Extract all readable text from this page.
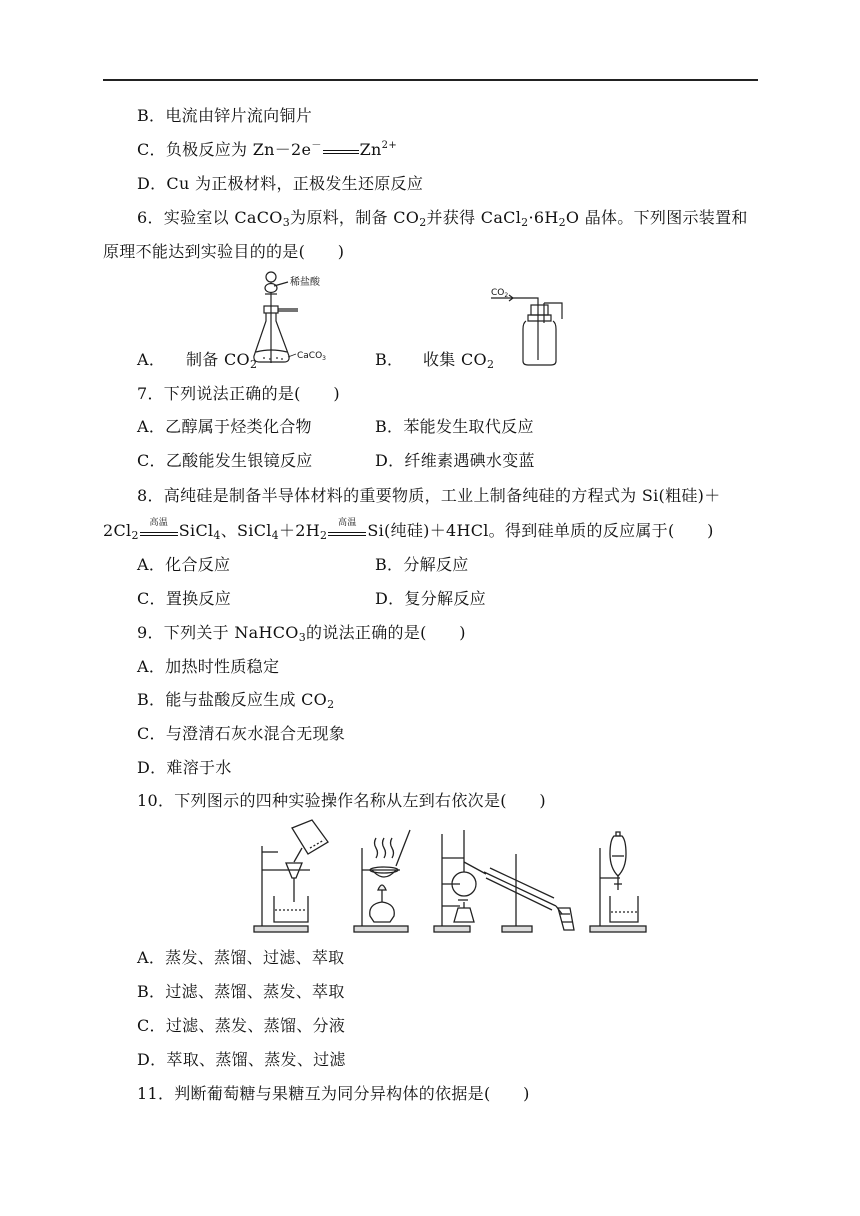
B．电流由锌片流向铜片
C．负极反应为 Zn－2e－ $Zn^{2+}$
D．Cu 为正极材料，正极发生还原反应
6．实验室以 CaCO$_3$为原料，制备 $CO_2$并获得 $CaCl_2\cdot 6H_2O$ 晶体。下列图示装置和
原理不能达到实验目的的是(　　)
A． 制备 $CO_2$	B． 收集 $CO_2$
稀盐酸
CaCO$_3$
$CO_2$
7．下列说法正确的是(　　)
A．乙醇属于烃类化合物	B．苯能发生取代反应
C．乙酸能发生银镜反应	D．纤维素遇碘水变蓝
8．高纯硅是制备半导体材料的重要物质，工业上制备纯硅的方程式为 Si(粗硅)＋
$2Cl_2$
高温 SiCl$_4$、$SiCl_4+2H_2$
高温 Si(纯硅)＋4HCl。得到硅单质的反应属于(　　)
A．化合反应	B．分解反应
C．置换反应	D．复分解反应
9．下列关于 NaHCO$_3$的说法正确的是(　　)
A．加热时性质稳定
B．能与盐酸反应生成 $CO_2$
C．与澄清石灰水混合无现象
D．难溶于水
10．下列图示的四种实验操作名称从左到右依次是(　　)
A．蒸发、蒸馏、过滤、萃取
B．过滤、蒸馏、蒸发、萃取
C．过滤、蒸发、蒸馏、分液
D．萃取、蒸馏、蒸发、过滤
11．判断葡萄糖与果糖互为同分异构体的依据是(　　)
